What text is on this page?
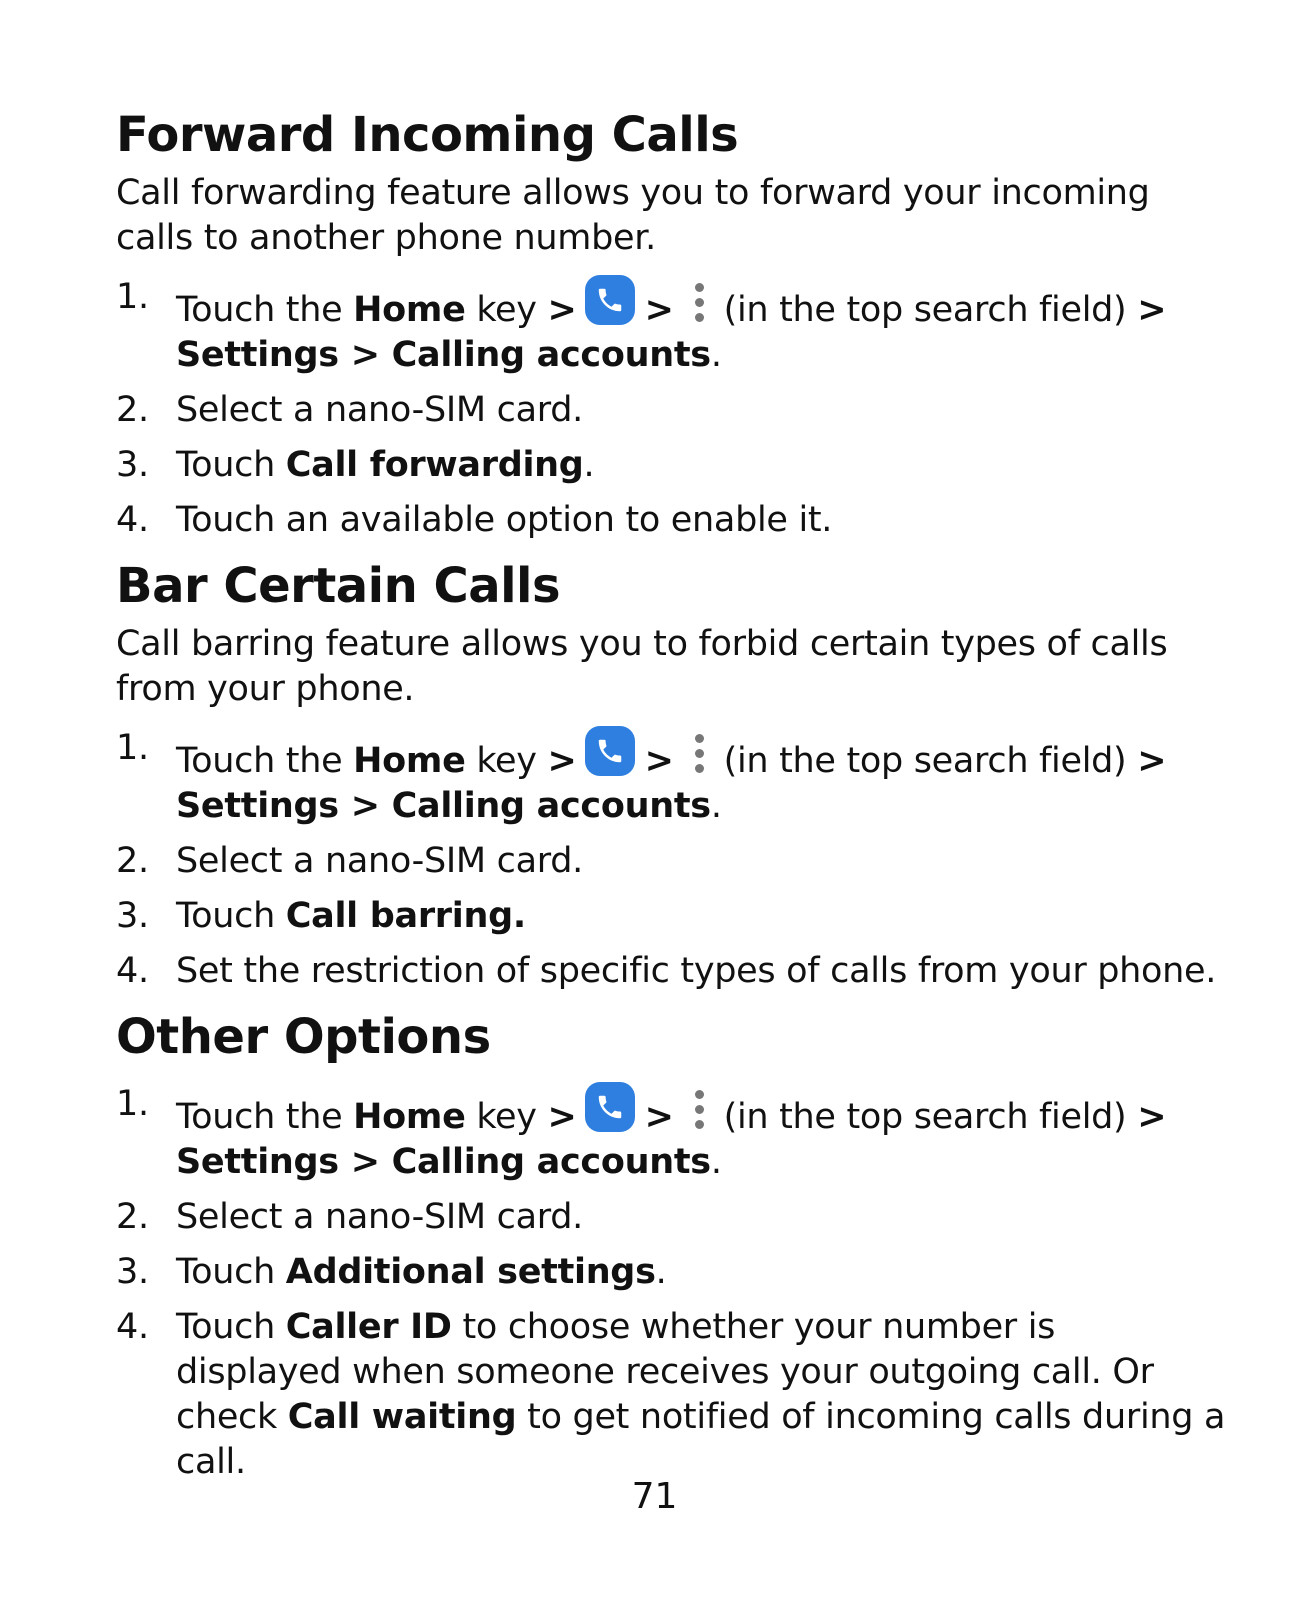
Forward Incoming Calls

Call forwarding feature allows you to forward your incoming calls to another phone number.

1. Touch the Home key > > (in the top search field) >
Settings > Calling accounts.
2. Select a nano-SIM card.
3. Touch Call forwarding.
4. Touch an available option to enable it.
Bar Certain Calls

Call barring feature allows you to forbid certain types of calls from your phone.

1. Touch the Home key > > (in the top search field) >
Settings > Calling accounts.
2. Select a nano-SIM card.
3. Touch Call barring.
4. Set the restriction of specific types of calls from your phone.
Other Options
1. Touch the Home key > > (in the top search field) >
Settings > Calling accounts.
2. Select a nano-SIM card.
3. Touch Additional settings.
4. Touch Caller ID to choose whether your number is displayed when someone receives your outgoing call. Or check Call waiting to get notified of incoming calls during a call.
71
